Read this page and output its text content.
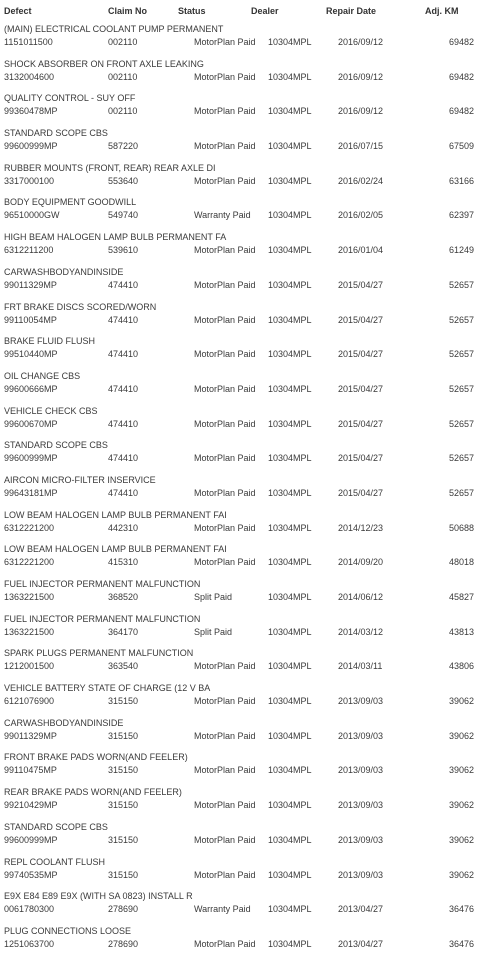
Defect	Claim No	Status	Dealer	Repair Date	Adj. KM
(MAIN) ELECTRICAL COOLANT PUMP PERMANENT
1151011500	002110	MotorPlan Paid 10304MPL	2016/09/12	69482
SHOCK ABSORBER ON FRONT AXLE LEAKING
3132004600	002110	MotorPlan Paid 10304MPL	2016/09/12	69482
QUALITY CONTROL - SUY OFF
99360478MP	002110	MotorPlan Paid 10304MPL	2016/09/12	69482
STANDARD SCOPE CBS
99600999MP	587220	MotorPlan Paid 10304MPL	2016/07/15	67509
RUBBER MOUNTS (FRONT, REAR) REAR AXLE DI
3317000100	553640	MotorPlan Paid 10304MPL	2016/02/24	63166
BODY EQUIPMENT GOODWILL
96510000GW	549740	Warranty Paid 10304MPL	2016/02/05	62397
HIGH BEAM HALOGEN LAMP BULB PERMANENT FA
6312211200	539610	MotorPlan Paid 10304MPL	2016/01/04	61249
CARWASHBODYANDINSIDE
99011329MP	474410	MotorPlan Paid 10304MPL	2015/04/27	52657
FRT BRAKE DISCS SCORED/WORN
99110054MP	474410	MotorPlan Paid 10304MPL	2015/04/27	52657
BRAKE FLUID FLUSH
99510440MP	474410	MotorPlan Paid 10304MPL	2015/04/27	52657
OIL CHANGE CBS
99600666MP	474410	MotorPlan Paid 10304MPL	2015/04/27	52657
VEHICLE CHECK CBS
99600670MP	474410	MotorPlan Paid 10304MPL	2015/04/27	52657
STANDARD SCOPE CBS
99600999MP	474410	MotorPlan Paid 10304MPL	2015/04/27	52657
AIRCON MICRO-FILTER INSERVICE
99643181MP	474410	MotorPlan Paid 10304MPL	2015/04/27	52657
LOW BEAM HALOGEN LAMP BULB PERMANENT FAI
6312221200	442310	MotorPlan Paid 10304MPL	2014/12/23	50688
LOW BEAM HALOGEN LAMP BULB PERMANENT FAI
6312221200	415310	MotorPlan Paid 10304MPL	2014/09/20	48018
FUEL INJECTOR PERMANENT MALFUNCTION
1363221500	368520	Split Paid	10304MPL	2014/06/12	45827
FUEL INJECTOR PERMANENT MALFUNCTION
1363221500	364170	Split Paid	10304MPL	2014/03/12	43813
SPARK PLUGS PERMANENT MALFUNCTION
1212001500	363540	MotorPlan Paid 10304MPL	2014/03/11	43806
VEHICLE BATTERY STATE OF CHARGE (12 V BA
6121076900	315150	MotorPlan Paid 10304MPL	2013/09/03	39062
CARWASHBODYANDINSIDE
99011329MP	315150	MotorPlan Paid 10304MPL	2013/09/03	39062
FRONT BRAKE PADS WORN(AND FEELER)
99110475MP	315150	MotorPlan Paid 10304MPL	2013/09/03	39062
REAR BRAKE PADS WORN(AND FEELER)
99210429MP	315150	MotorPlan Paid 10304MPL	2013/09/03	39062
STANDARD SCOPE CBS
99600999MP	315150	MotorPlan Paid 10304MPL	2013/09/03	39062
REPL COOLANT FLUSH
99740535MP	315150	MotorPlan Paid 10304MPL	2013/09/03	39062
E9X E84 E89 E9X (WITH SA 0823) INSTALL R
0061780300	278690	Warranty Paid 10304MPL	2013/04/27	36476
PLUG CONNECTIONS LOOSE
1251063700	278690	MotorPlan Paid 10304MPL	2013/04/27	36476
